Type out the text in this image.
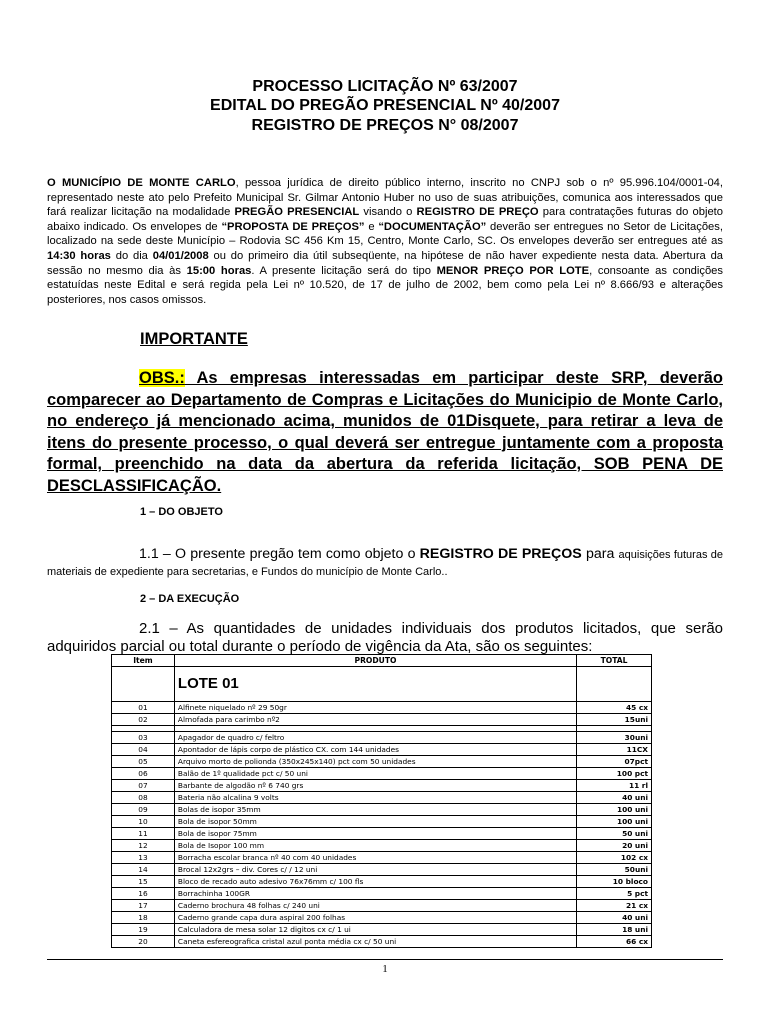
PROCESSO LICITAÇÃO Nº 63/2007
EDITAL DO PREGÃO PRESENCIAL Nº 40/2007
REGISTRO DE PREÇOS N° 08/2007
O MUNICÍPIO DE MONTE CARLO, pessoa jurídica de direito público interno, inscrito no CNPJ sob o nº 95.996.104/0001-04, representado neste ato pelo Prefeito Municipal Sr. Gilmar Antonio Huber no uso de suas atribuições, comunica aos interessados que fará realizar licitação na modalidade PREGÃO PRESENCIAL visando o REGISTRO DE PREÇO para contratações futuras do objeto abaixo indicado. Os envelopes de “PROPOSTA DE PREÇOS” e “DOCUMENTAÇÃO” deverão ser entregues no Setor de Licitações, localizado na sede deste Município – Rodovia SC 456 Km 15, Centro, Monte Carlo, SC. Os envelopes deverão ser entregues até as 14:30 horas do dia 04/01/2008 ou do primeiro dia útil subseqüente, na hipótese de não haver expediente nesta data. Abertura da sessão no mesmo dia às 15:00 horas. A presente licitação será do tipo MENOR PREÇO POR LOTE, consoante as condições estatuídas neste Edital e será regida pela Lei nº 10.520, de 17 de julho de 2002, bem como pela Lei nº 8.666/93 e alterações posteriores, nos casos omissos.
IMPORTANTE
OBS.: As empresas interessadas em participar deste SRP, deverão comparecer ao Departamento de Compras e Licitações do Municipio de Monte Carlo, no endereço já mencionado acima, munidos de 01Disquete, para retirar a leva de itens do presente processo, o qual deverá ser entregue juntamente com a proposta formal, preenchido na data da abertura da referida licitação, SOB PENA DE DESCLASSIFICAÇÃO.
1 – DO OBJETO
1.1 – O presente pregão tem como objeto o REGISTRO DE PREÇOS para aquisições futuras de materiais de expediente para secretarias, e Fundos do município de Monte Carlo..
2 – DA EXECUÇÃO
2.1 – As quantidades de unidades individuais dos produtos licitados, que serão adquiridos parcial ou total durante o período de vigência da Ata, são os seguintes:
Item	PRODUTO	TOTAL
	LOTE 01	
01	Alfinete niquelado nº 29 50gr	45 cx
02	Almofada para carimbo nº2	15uni

03	Apagador de quadro c/ feltro	30uni
04	Apontador de lápis corpo de plástico CX. com 144 unidades	11CX
05	Arquivo morto de polionda (350x245x140) pct com 50 unidades	07pct
06	Balão de 1º qualidade pct c/ 50 uni	100 pct
07	Barbante de algodão nº 6 740 grs	11 rl
08	Bateria não alcalina 9 volts	40 uni
09	Bolas de isopor 35mm	100 uni
10	Bola de isopor 50mm	100 uni
11	Bola de isopor 75mm	50 uni
12	Bola de Isopor 100 mm	20 uni
13	Borracha escolar branca nº 40 com 40 unidades	102 cx
14	Brocal 12x2grs – div. Cores c/ / 12 uni	50uni
15	Bloco de recado auto adesivo 76x76mm c/ 100 fls	10 bloco
16	Borrachinha 100GR	5 pct
17	Caderno brochura 48 folhas c/ 240 uni	21 cx
18	Caderno grande capa dura aspiral 200 folhas	40 uni
19	Calculadora de mesa solar 12 digitos cx c/ 1 ui	18 uni
20	Caneta esfereografica cristal azul ponta média cx c/ 50 uni	66 cx
1
